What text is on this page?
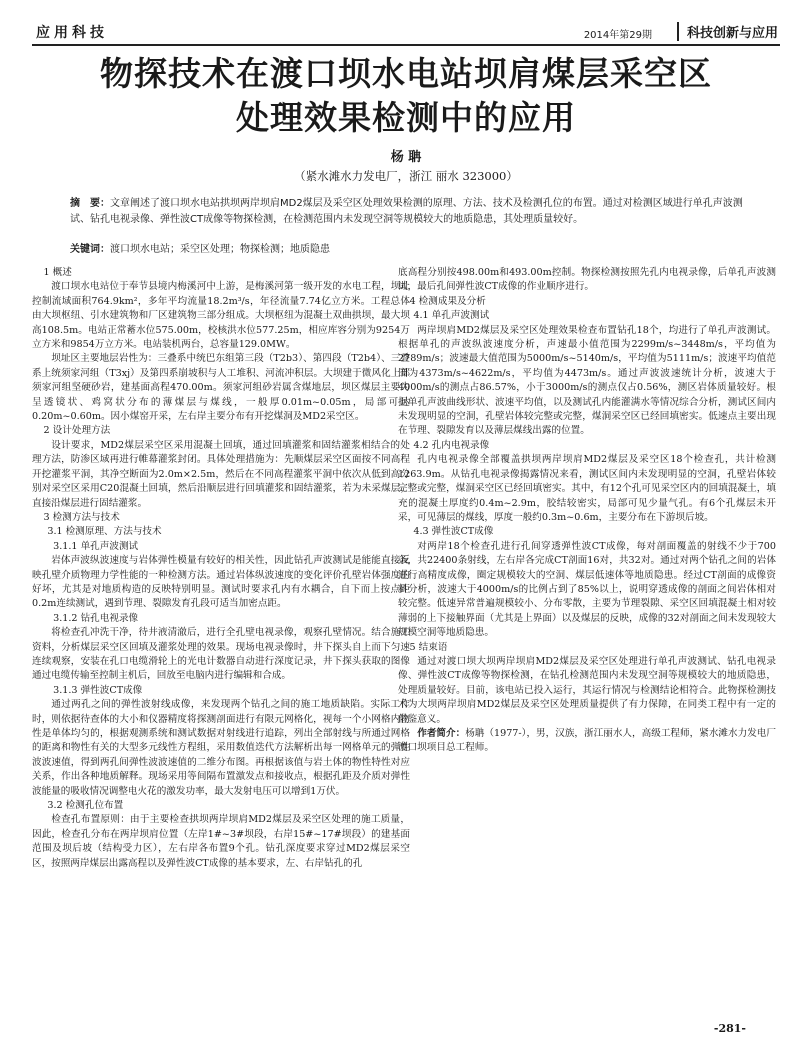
应用科技	2014年第29期	科技创新与应用
物探技术在渡口坝水电站坝肩煤层采空区
处理效果检测中的应用
杨 聃
（紧水滩水力发电厂，浙江 丽水 323000）
摘　要：文章阐述了渡口坝水电站拱坝两岸坝肩MD2煤层及采空区处理效果检测的原理、方法、技术及检测孔位的布置。通过对检测区域进行单孔声波测试、钻孔电视录像、弹性波CT成像等物探检测，在检测范围内未发现空洞等规模较大的地质隐患，其处理质量较好。
关键词：渡口坝水电站；采空区处理；物探检测；地质隐患

1 概述

渡口坝水电站位于奉节县境内梅溪河中上游，是梅溪河第一级开发的水电工程，坝址控制流域面积764.9km²，多年平均流量18.2m³/s，年径流量7.74亿立方米。工程总体由大坝枢纽、引水建筑物和厂区建筑物三部分组成。大坝枢纽为混凝土双曲拱坝，最大坝高108.5m。电站正常蓄水位575.00m，校核洪水位577.25m，相应库容分别为9254万立方米和9854万立方米。电站装机两台，总容量129.0MW。

坝址区主要地层岩性为：三叠系中统巴东组第三段（T2b3）、第四段（T2b4）、三叠系上统须家河组（T3xj）及第四系崩坡积与人工堆积、河流冲积层。大坝建于微风化上部须家河组坚硬砂岩，建基面高程470.00m。须家河组砂岩属含煤地层，坝区煤层主要为呈透镜状、鸡窝状分布的薄煤层与煤线，一般厚0.01m~0.05m，局部可达0.20m~0.60m。因小煤窑开采，左右岸主要分布有开挖煤洞及MD2采空区。

2 设计处理方法

设计要求，MD2煤层采空区采用混凝土回填，通过回填灌浆和固结灌浆相结合的处理方法，防渗区域再进行帷幕灌浆封闭。具体处理措施为：先顺煤层采空区面按不同高程开挖灌浆平洞，其净空断面为2.0m×2.5m，然后在不同高程灌浆平洞中依次从低到高分别对采空区采用C20混凝土回填，然后沿顺层进行回填灌浆和固结灌浆，若为未采煤层，直接沿煤层进行固结灌浆。

3 检测方法与技术

3.1 检测原理、方法与技术

3.1.1 单孔声波测试

岩体声波纵波速度与岩体弹性模量有较好的相关性，因此钻孔声波测试是能能直接反映孔壁介质物理力学性能的一种检测方法。通过岩体纵波速度的变化评价孔壁岩体强度的好坏，尤其是对地质构造的反映特别明显。测试时要求孔内有水耦合，自下而上按点距0.2m连续测试，遇到节理、裂隙发育孔段可适当加密点距。

3.1.2 钻孔电视录像

将检查孔冲洗干净，待井液清澈后，进行全孔壁电视录像，观察孔壁情况。结合施工资料，分析煤层采空区回填及灌浆处理的效果。现场电视录像时，井下探头自上而下匀速连续观察，安装在孔口电缆滑轮上的光电计数器自动进行深度记录，井下探头获取的图像通过电缆传输至控制主机后，回放至电脑内进行编辑和合成。

3.1.3 弹性波CT成像

通过两孔之间的弹性波射线成像，来发现两个钻孔之间的施工地质缺陷。实际工作时，则依据待查体的大小和仪器精度将探测剖面进行有限元网格化，视每一个小网格内物性是单体均匀的，根据观测系统和测试数据对射线进行追踪，列出全部射线与所通过网格的距离和物性有关的大型多元线性方程组，采用数值迭代方法解析出每一网格单元的弹性波波速值，得到两孔间弹性波波速值的二维分布图。再根据该值与岩土体的物性特性对应关系，作出各种地质解释。现场采用等间隔布置激发点和接收点，根据孔距及介质对弹性波能量的吸收情况调整电火花的激发功率，最大发射电压可以增到1万伏。

3.2 检测孔位布置

检查孔布置原则：由于主要检查拱坝两岸坝肩MD2煤层及采空区处理的施工质量，因此，检查孔分布在两岸坝肩位置（左岸1#~3#坝段，右岸15#~17#坝段）的建基面范围及坝后坡（结构受力区），左右岸各布置9个孔。钻孔深度要求穿过MD2煤层采空区，按照两岸煤层出露高程以及弹性波CT成像的基本要求，左、右岸钻孔的孔

底高程分别按498.00m和493.00m控制。物探检测按照先孔内电视录像，后单孔声波测试，最后孔间弹性波CT成像的作业顺序进行。

4 检测成果及分析

4.1 单孔声波测试

两岸坝肩MD2煤层及采空区处理效果检查布置钻孔18个，均进行了单孔声波测试。根据单孔的声波纵波速度分析，声速最小值范围为2299m/s~3448m/s，平均值为2789m/s；波速最大值范围为5000m/s~5140m/s，平均值为5111m/s；波速平均值范围为4373m/s~4622m/s，平均值为4473m/s。通过声波波速统计分析，波速大于4000m/s的测点占86.57%，小于3000m/s的测点仅占0.56%，测区岩体质量较好。根据单孔声波曲线形状、波速平均值，以及测试孔内能灌满水等情况综合分析，测试区间内未发现明显的空洞，孔壁岩体较完整或完整，煤洞采空区已经回填密实。低速点主要出现在节理、裂隙发育以及薄层煤线出露的位置。

4.2 孔内电视录像

孔内电视录像全部覆盖拱坝两岸坝肩MD2煤层及采空区18个检查孔，共计检测1263.9m。从钻孔电视录像揭露情况来看，测试区间内未发现明显的空洞，孔壁岩体较完整或完整，煤洞采空区已经回填密实。其中，有12个孔可见采空区内的回填混凝土，填充的混凝土厚度约0.4m~2.9m，胶结较密实，局部可见少量气孔。有6个孔煤层未开采，可见薄层的煤线，厚度一般约0.3m~0.6m，主要分布在下游坝后坡。

4.3 弹性波CT成像

对两岸18个检查孔进行孔间穿透弹性波CT成像，每对剖面覆盖的射线不少于700条，共22400条射线，左右岸各完成CT剖面16对，共32对。通过对两个钻孔之间的岩体进行高精度成像，圈定规模较大的空洞、煤层低速体等地质隐患。经过CT剖面的成像资料分析，波速大于4000m/s的比例占到了85%以上，说明穿透成像的剖面之间岩体相对较完整。低速异常普遍规模较小、分布零散，主要为节理裂隙、采空区回填混凝土相对较薄弱的上下接触界面（尤其是上界面）以及煤层的反映，成像的32对剖面之间未发现较大规模空洞等地质隐患。

5 结束语

通过对渡口坝大坝两岸坝肩MD2煤层及采空区处理进行单孔声波测试、钻孔电视录像、弹性波CT成像等物探检测，在钻孔检测范围内未发现空洞等规模较大的地质隐患，处理质量较好。目前，该电站已投入运行，其运行情况与检测结论相符合。此物探检测技术为大坝两岸坝肩MD2煤层及采空区处理质量提供了有力保障，在同类工程中有一定的借鉴意义。

作者简介：杨聃（1977-），男，汉族，浙江丽水人，高级工程师，紧水滩水力发电厂渡口坝项目总工程师。

-281-
